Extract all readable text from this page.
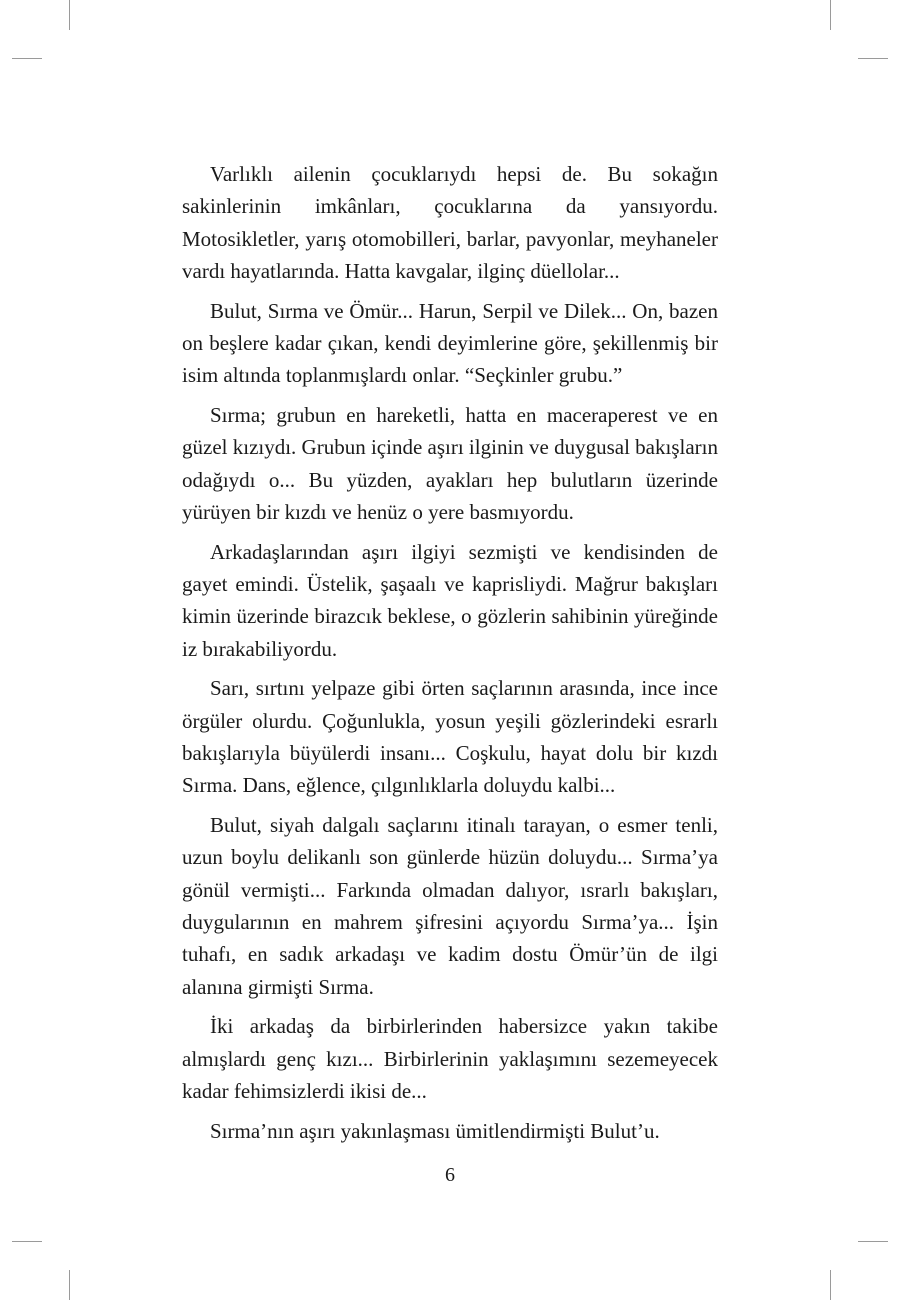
Varlıklı ailenin çocuklarıydı hepsi de. Bu sokağın sakinlerinin imkânları, çocuklarına da yansıyordu. Motosikletler, yarış otomobilleri, barlar, pavyonlar, meyhaneler vardı hayatlarında. Hatta kavgalar, ilginç düellolar...

Bulut, Sırma ve Ömür... Harun, Serpil ve Dilek... On, bazen on beşlere kadar çıkan, kendi deyimlerine göre, şekillenmiş bir isim altında toplanmışlardı onlar. “Seçkinler grubu.”

Sırma; grubun en hareketli, hatta en maceraperest ve en güzel kızıydı. Grubun içinde aşırı ilginin ve duygusal bakışların odağıydı o... Bu yüzden, ayakları hep bulutların üzerinde yürüyen bir kızdı ve henüz o yere basmıyordu.

Arkadaşlarından aşırı ilgiyi sezmişti ve kendisinden de gayet emindi. Üstelik, şaşaalı ve kaprisliydi. Mağrur bakışları kimin üzerinde birazcık beklese, o gözlerin sahibinin yüreğinde iz bırakabiliyordu.

Sarı, sırtını yelpaze gibi örten saçlarının arasında, ince ince örgüler olurdu. Çoğunlukla, yosun yeşili gözlerindeki esrarlı bakışlarıyla büyülerdi insanı... Coşkulu, hayat dolu bir kızdı Sırma. Dans, eğlence, çılgınlıklarla doluydu kalbi...

Bulut, siyah dalgalı saçlarını itinalı tarayan, o esmer tenli, uzun boylu delikanlı son günlerde hüzün doluydu... Sırma’ya gönül vermişti... Farkında olmadan dalıyor, ısrarlı bakışları, duygularının en mahrem şifresini açıyordu Sırma’ya... İşin tuhafı, en sadık arkadaşı ve kadim dostu Ömür’ün de ilgi alanına girmişti Sırma.

İki arkadaş da birbirlerinden habersizce yakın takibe almışlardı genç kızı... Birbirlerinin yaklaşımını sezemeyecek kadar fehimsizlerdi ikisi de...

Sırma’nın aşırı yakınlaşması ümitlendirmişti Bulut’u.

6
